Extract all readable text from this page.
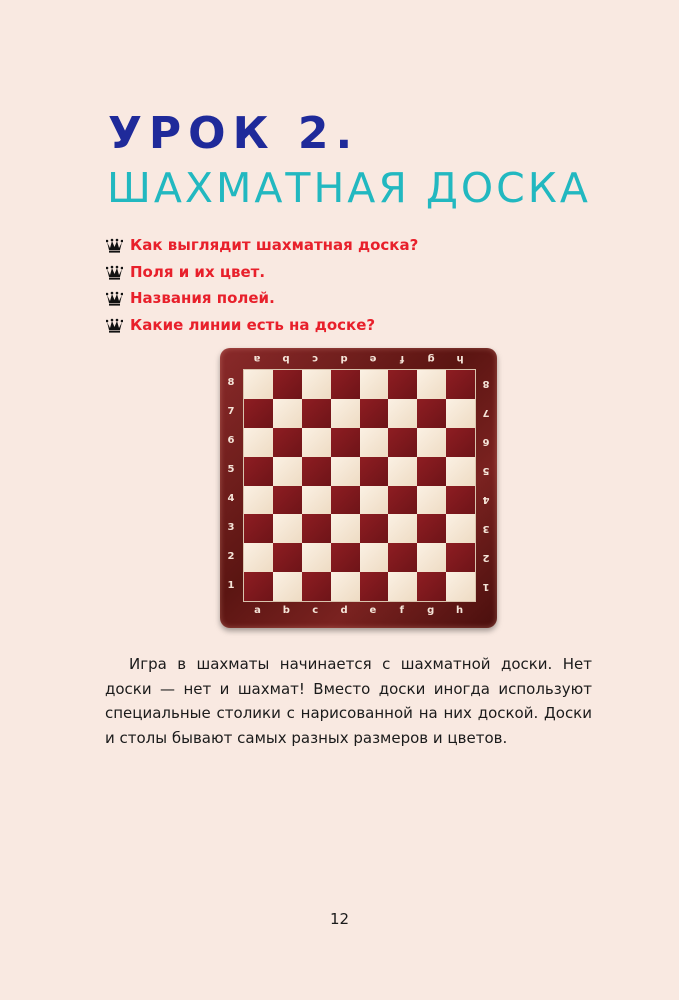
УРОК 2.
ШАХМАТНАЯ ДОСКА
Как выглядит шахматная доска?
Поля и их цвет.
Названия полей.
Какие линии есть на доске?
a
a
b
b
c
c
d
d
e
e
f
f
g
g
h
h
8	8
7	7
6	6
5	5
4	4
3	3
2	2
1	1

Игра в шахматы начинается с шахматной доски. Нет доски — нет и шахмат! Вместо доски иногда используют специальные столики с нарисованной на них доской. Доски и столы бывают самых разных размеров и цветов.

12
